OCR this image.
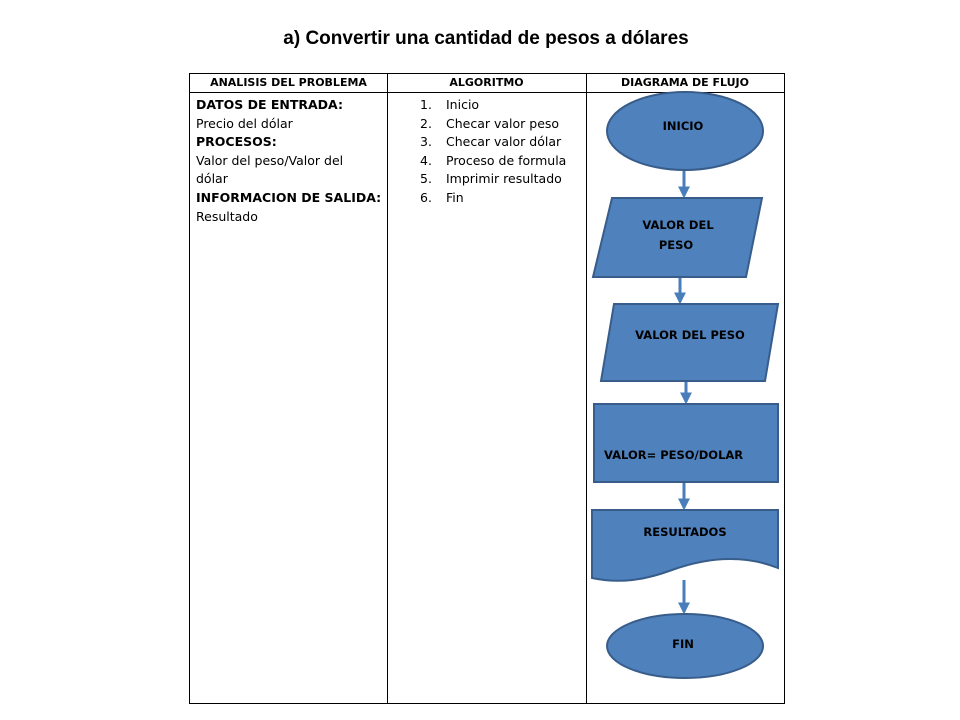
a) Convertir una cantidad de pesos a dólares
ANALISIS DEL PROBLEMA	ALGORITMO	DIAGRAMA DE FLUJO
DATOS DE ENTRADA:
Precio del dólar
PROCESOS:
Valor del peso/Valor del
dólar
INFORMACION DE SALIDA:
Resultado
1. Inicio
2. Checar valor peso
3. Checar valor dólar
4. Proceso de formula
5. Imprimir resultado
6. Fin
INICIO
VALOR DEL
PESO
VALOR DEL PESO
VALOR= PESO/DOLAR
RESULTADOS
FIN
